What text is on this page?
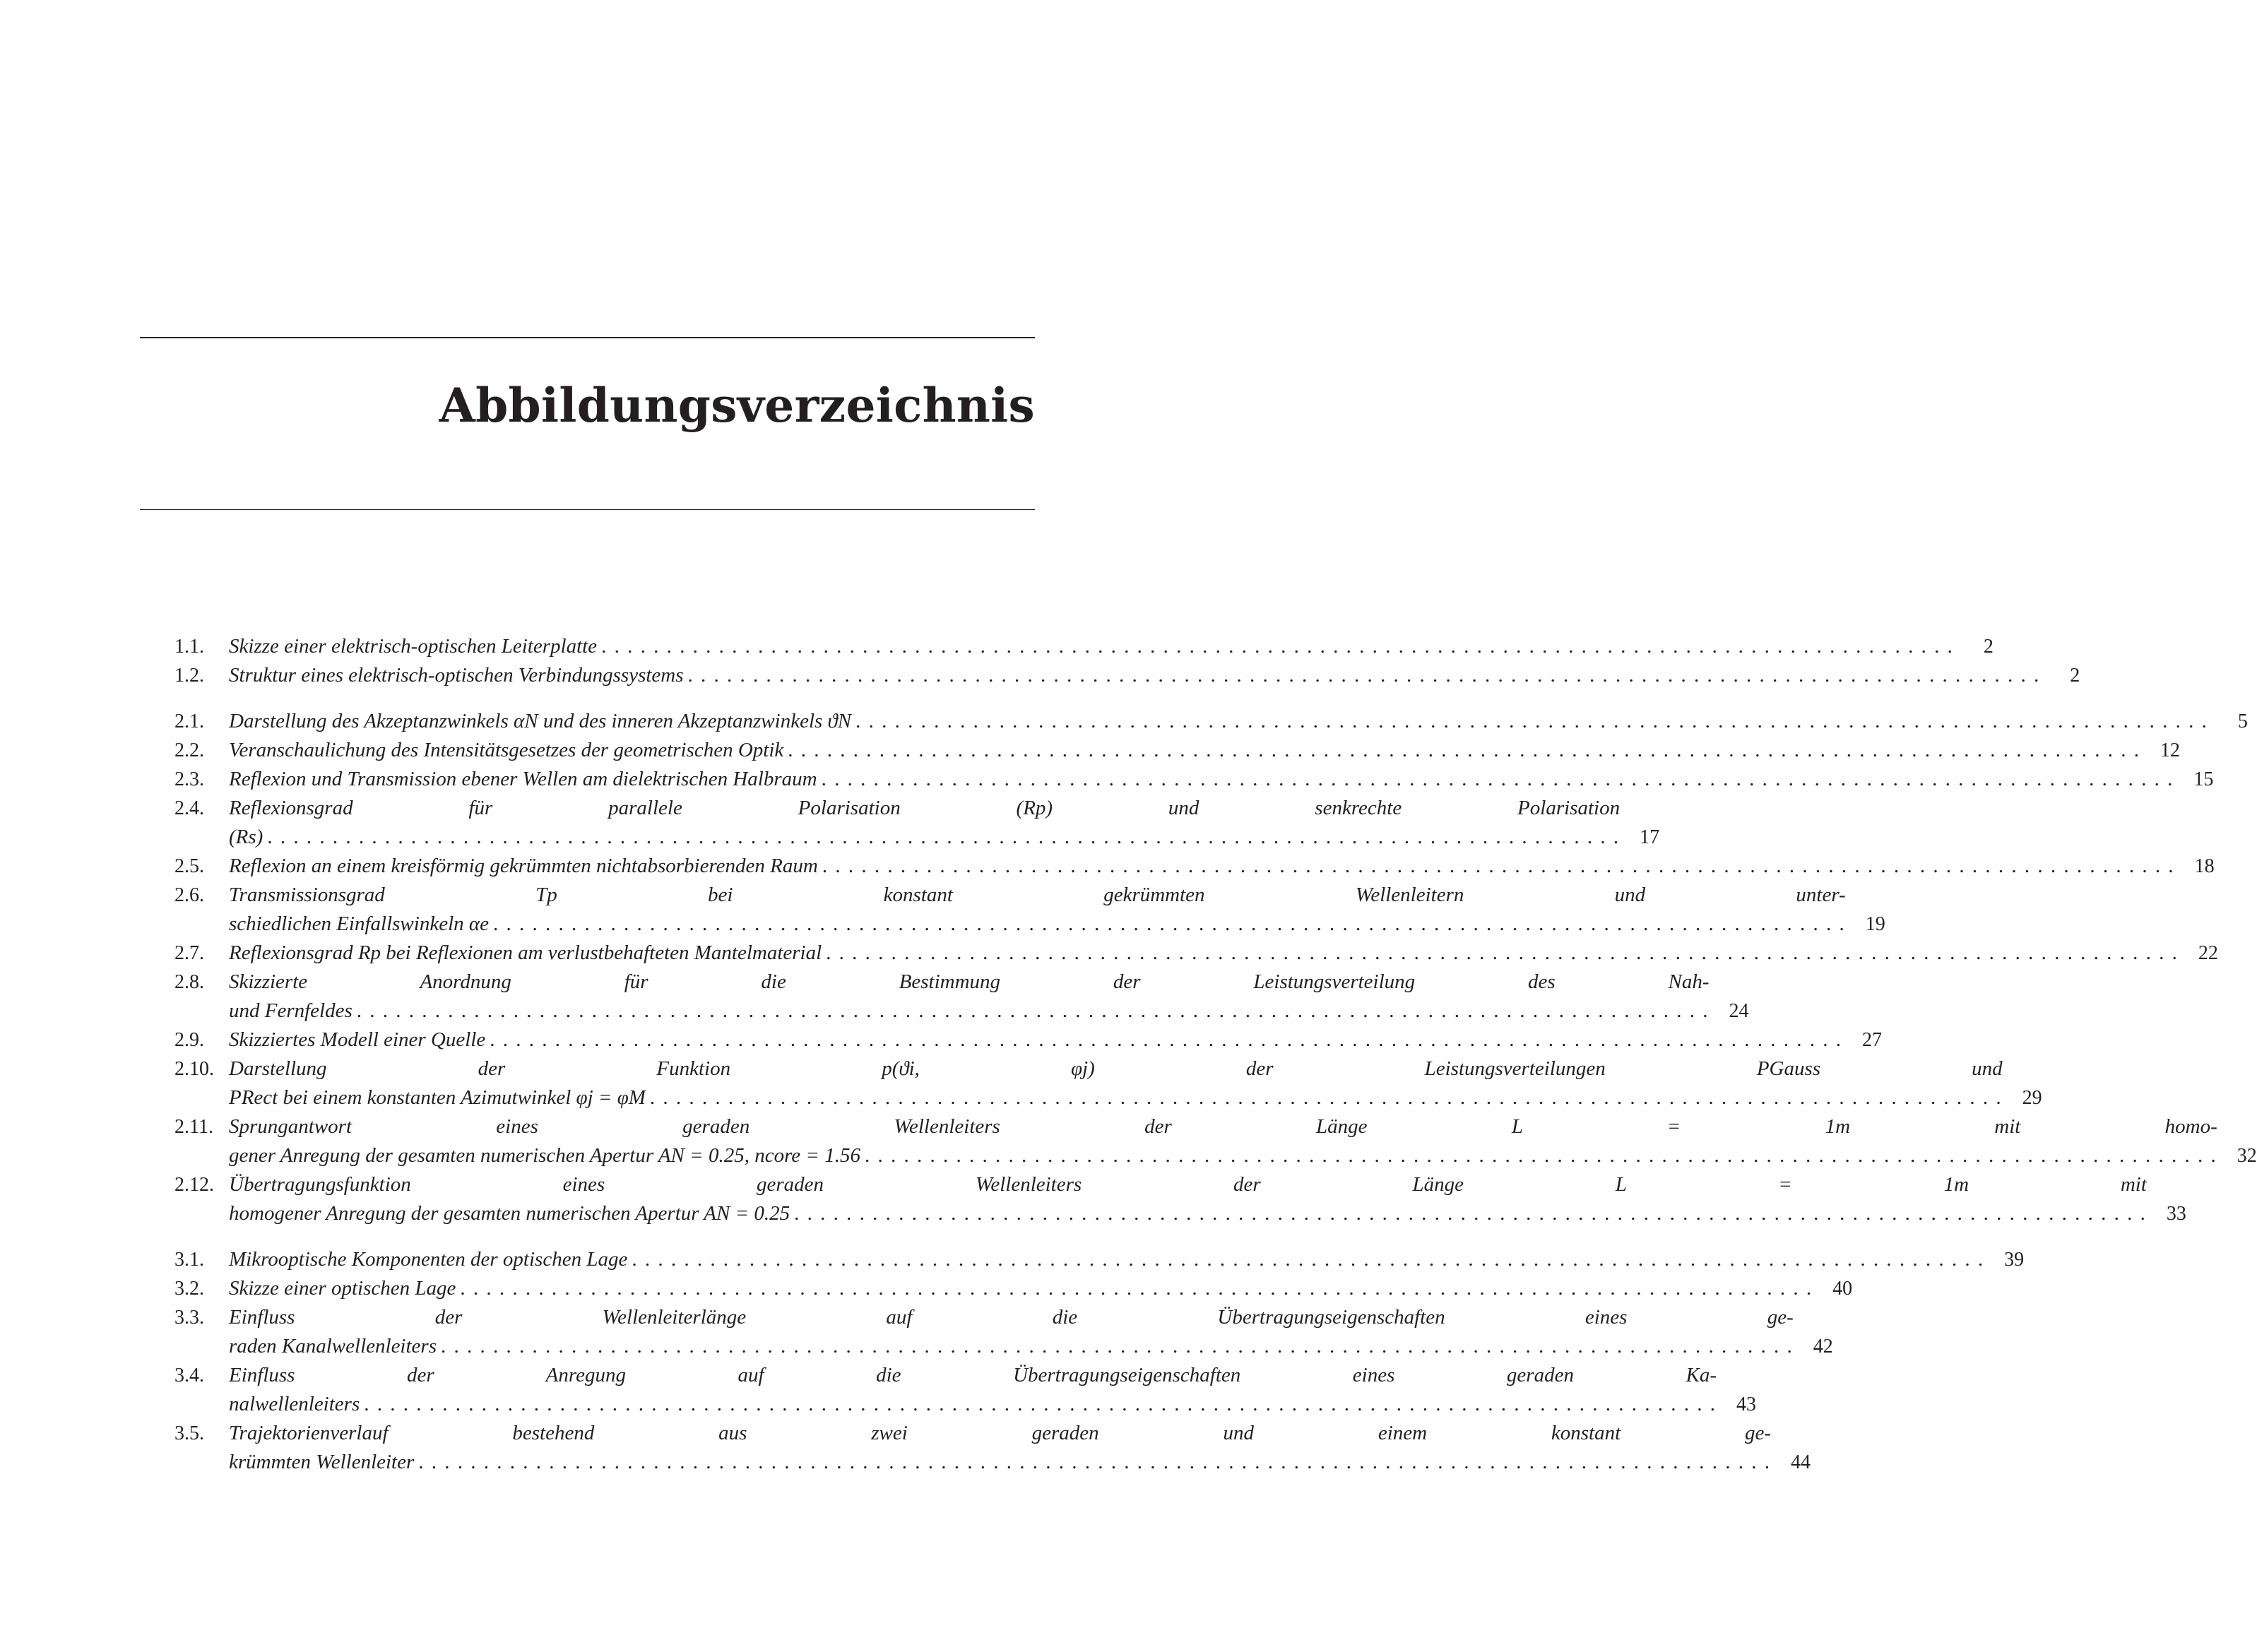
Abbildungsverzeichnis
1.1.	Skizze einer elektrisch-optischen Leiterplatte . . .	2
1.2.	Struktur eines elektrisch-optischen Verbindungssystems . . .	2
2.1.	Darstellung des Akzeptanzwinkels αN und des inneren Akzeptanzwinkels ϑN . . .	5
2.2.	Veranschaulichung des Intensitätsgesetzes der geometrischen Optik . . .	12
2.3.	Reflexion und Transmission ebener Wellen am dielektrischen Halbraum . . .	15
2.4.	Reflexionsgrad für parallele Polarisation (Rp) und senkrechte Polarisation
(Rs) . . .	17
2.5.	Reflexion an einem kreisförmig gekrümmten nichtabsorbierenden Raum . . .	18
2.6.	Transmissionsgrad Tp bei konstant gekrümmten Wellenleitern und unter-
schiedlichen Einfallswinkeln αe . . .	19
2.7.	Reflexionsgrad Rp bei Reflexionen am verlustbehafteten Mantelmaterial . . .	22
2.8.	Skizzierte Anordnung für die Bestimmung der Leistungsverteilung des Nah-
und Fernfeldes . . .	24
2.9.	Skizziertes Modell einer Quelle . . .	27
2.10. Darstellung der Funktion p(ϑi, φj) der Leistungsverteilungen PGauss und
PRect bei einem konstanten Azimutwinkel φj = φM . . .	29
2.11. Sprungantwort eines geraden Wellenleiters der Länge L = 1m mit homo-
gener Anregung der gesamten numerischen Apertur AN = 0.25, ncore = 1.56 . . .	32
2.12. Übertragungsfunktion eines geraden Wellenleiters der Länge L = 1m mit
homogener Anregung der gesamten numerischen Apertur AN = 0.25 . . .	33
3.1.	Mikrooptische Komponenten der optischen Lage . . .	39
3.2.	Skizze einer optischen Lage . . .	40
3.3.	Einfluss der Wellenleiterlänge auf die Übertragungseigenschaften eines ge-
raden Kanalwellenleiters . . .	42
3.4.	Einfluss der Anregung auf die Übertragungseigenschaften eines geraden Ka-
nalwellenleiters . . .	43
3.5.	Trajektorienverlauf bestehend aus zwei geraden und einem konstant ge-
krümmten Wellenleiter . . .	44
